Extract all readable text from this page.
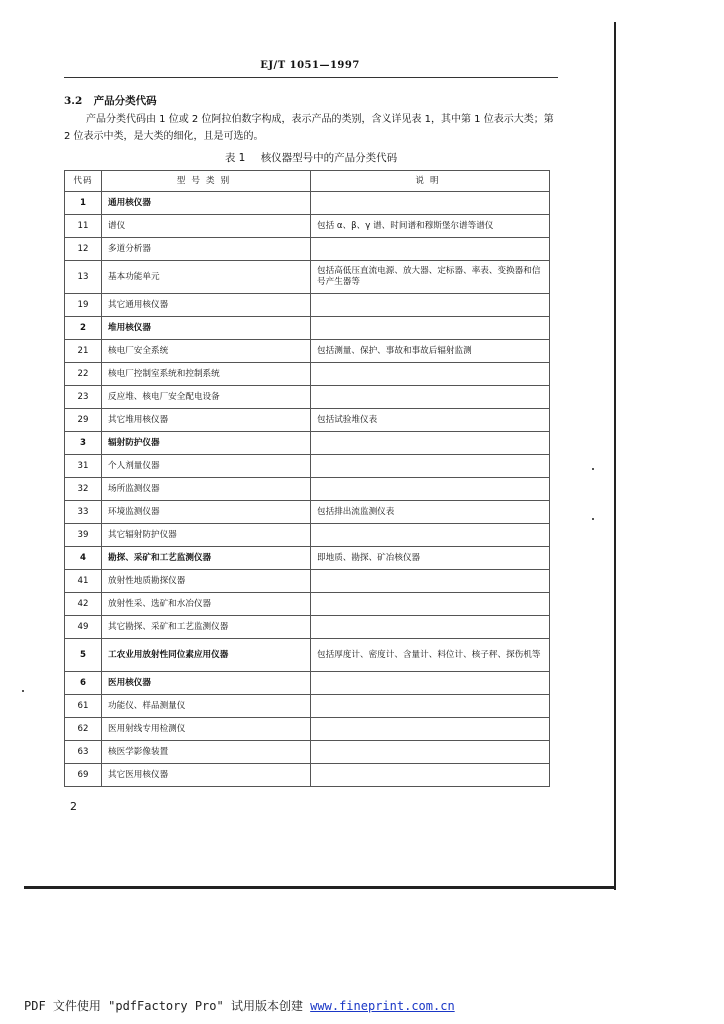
EJ/T 1051—1997
3.2 产品分类代码
产品分类代码由 1 位或 2 位阿拉伯数字构成，表示产品的类别，含义详见表 1，其中第 1 位表示大类；第 2 位表示中类，是大类的细化，且是可选的。
表 1 核仪器型号中的产品分类代码
代码	型号类别	说明
1	通用核仪器	
11	谱仪	包括 α、β、γ 谱、时间谱和穆斯堡尔谱等谱仪
12	多道分析器	
13	基本功能单元	包括高低压直流电源、放大器、定标器、率表、变换器和信号产生器等
19	其它通用核仪器	
2	堆用核仪器	
21	核电厂安全系统	包括测量、保护、事故和事故后辐射监测
22	核电厂控制室系统和控制系统	
23	反应堆、核电厂安全配电设备	
29	其它堆用核仪器	包括试验堆仪表
3	辐射防护仪器	
31	个人剂量仪器	
32	场所监测仪器	
33	环境监测仪器	包括排出流监测仪表
39	其它辐射防护仪器	
4	勘探、采矿和工艺监测仪器	即地质、勘探、矿冶核仪器
41	放射性地质勘探仪器	
42	放射性采、选矿和水冶仪器	
49	其它勘探、采矿和工艺监测仪器	
5	工农业用放射性同位素应用仪器	包括厚度计、密度计、含量计、料位计、核子秤、探伤机等
6	医用核仪器	
61	功能仪、样品测量仪	
62	医用射线专用检测仪	
63	核医学影像装置	
69	其它医用核仪器	
2
PDF 文件使用 "pdfFactory Pro" 试用版本创建 www.fineprint.com.cn
